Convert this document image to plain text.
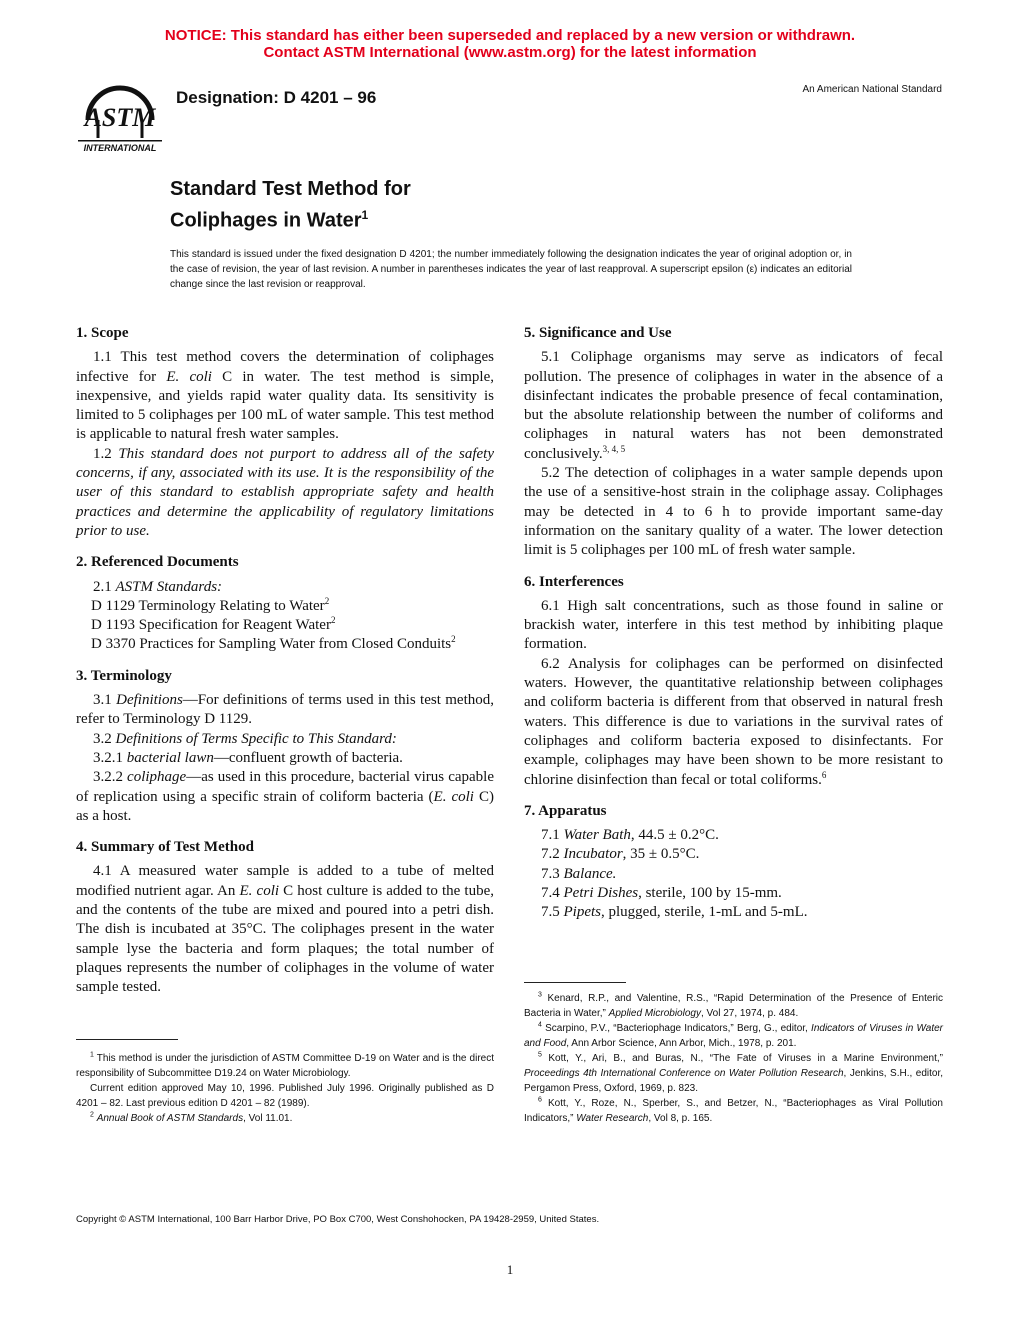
NOTICE: This standard has either been superseded and replaced by a new version or withdrawn.
Contact ASTM International (www.astm.org) for the latest information
ASTM
INTERNATIONAL
Designation: D 4201 – 96	An American National Standard
Standard Test Method for
Coliphages in Water$^1$
This standard is issued under the fixed designation D 4201; the number immediately following the designation indicates the year of original adoption or, in the case of revision, the year of last revision. A number in parentheses indicates the year of last reapproval. A superscript epsilon (ε) indicates an editorial change since the last revision or reapproval.
1. Scope

1.1 This test method covers the determination of coliphages infective for E. coli C in water. The test method is simple, inexpensive, and yields rapid water quality data. Its sensitivity is limited to 5 coliphages per 100 mL of water sample. This test method is applicable to natural fresh water samples.

1.2 This standard does not purport to address all of the safety concerns, if any, associated with its use. It is the responsibility of the user of this standard to establish appropriate safety and health practices and determine the applicability of regulatory limitations prior to use.

2. Referenced Documents

2.1 ASTM Standards:

D 1129 Terminology Relating to Water$^2$

D 1193 Specification for Reagent Water$^2$

D 3370 Practices for Sampling Water from Closed Conduits$^2$

3. Terminology

3.1 Definitions—For definitions of terms used in this test method, refer to Terminology D 1129.

3.2 Definitions of Terms Specific to This Standard:

3.2.1 bacterial lawn—confluent growth of bacteria.

3.2.2 coliphage—as used in this procedure, bacterial virus capable of replication using a specific strain of coliform bacteria (E. coli C) as a host.

4. Summary of Test Method

4.1 A measured water sample is added to a tube of melted modified nutrient agar. An E. coli C host culture is added to the tube, and the contents of the tube are mixed and poured into a petri dish. The dish is incubated at 35°C. The coliphages present in the water sample lyse the bacteria and form plaques; the total number of plaques represents the number of coliphages in the volume of water sample tested.

5. Significance and Use

5.1 Coliphage organisms may serve as indicators of fecal pollution. The presence of coliphages in water in the absence of a disinfectant indicates the probable presence of fecal contamination, but the absolute relationship between the number of coliforms and coliphages in natural waters has not been demonstrated conclusively.$^{3, 4, 5}$

5.2 The detection of coliphages in a water sample depends upon the use of a sensitive-host strain in the coliphage assay. Coliphages may be detected in 4 to 6 h to provide important same-day information on the sanitary quality of a water. The lower detection limit is 5 coliphages per 100 mL of fresh water sample.

6. Interferences

6.1 High salt concentrations, such as those found in saline or brackish water, interfere in this test method by inhibiting plaque formation.

6.2 Analysis for coliphages can be performed on disinfected waters. However, the quantitative relationship between coliphages and coliform bacteria is different from that observed in natural fresh waters. This difference is due to variations in the survival rates of coliphages and coliform bacteria exposed to disinfectants. For example, coliphages may have been shown to be more resistant to chlorine disinfection than fecal or total coliforms.$^6$

7. Apparatus

7.1 Water Bath, 44.5 ± 0.2°C.

7.2 Incubator, 35 ± 0.5°C.

7.3 Balance.

7.4 Petri Dishes, sterile, 100 by 15-mm.

7.5 Pipets, plugged, sterile, 1-mL and 5-mL.

$^1$ This method is under the jurisdiction of ASTM Committee D-19 on Water and is the direct responsibility of Subcommittee D19.24 on Water Microbiology.

Current edition approved May 10, 1996. Published July 1996. Originally published as D 4201 – 82. Last previous edition D 4201 – 82 (1989).

$^2$ Annual Book of ASTM Standards, Vol 11.01.

$^3$ Kenard, R.P., and Valentine, R.S., “Rapid Determination of the Presence of Enteric Bacteria in Water,” Applied Microbiology, Vol 27, 1974, p. 484.

$^4$ Scarpino, P.V., “Bacteriophage Indicators,” Berg, G., editor, Indicators of Viruses in Water and Food, Ann Arbor Science, Ann Arbor, Mich., 1978, p. 201.

$^5$ Kott, Y., Ari, B., and Buras, N., “The Fate of Viruses in a Marine Environment,” Proceedings 4th International Conference on Water Pollution Research, Jenkins, S.H., editor, Pergamon Press, Oxford, 1969, p. 823.

$^6$ Kott, Y., Roze, N., Sperber, S., and Betzer, N., “Bacteriophages as Viral Pollution Indicators,” Water Research, Vol 8, p. 165.

Copyright © ASTM International, 100 Barr Harbor Drive, PO Box C700, West Conshohocken, PA 19428-2959, United States.
1
